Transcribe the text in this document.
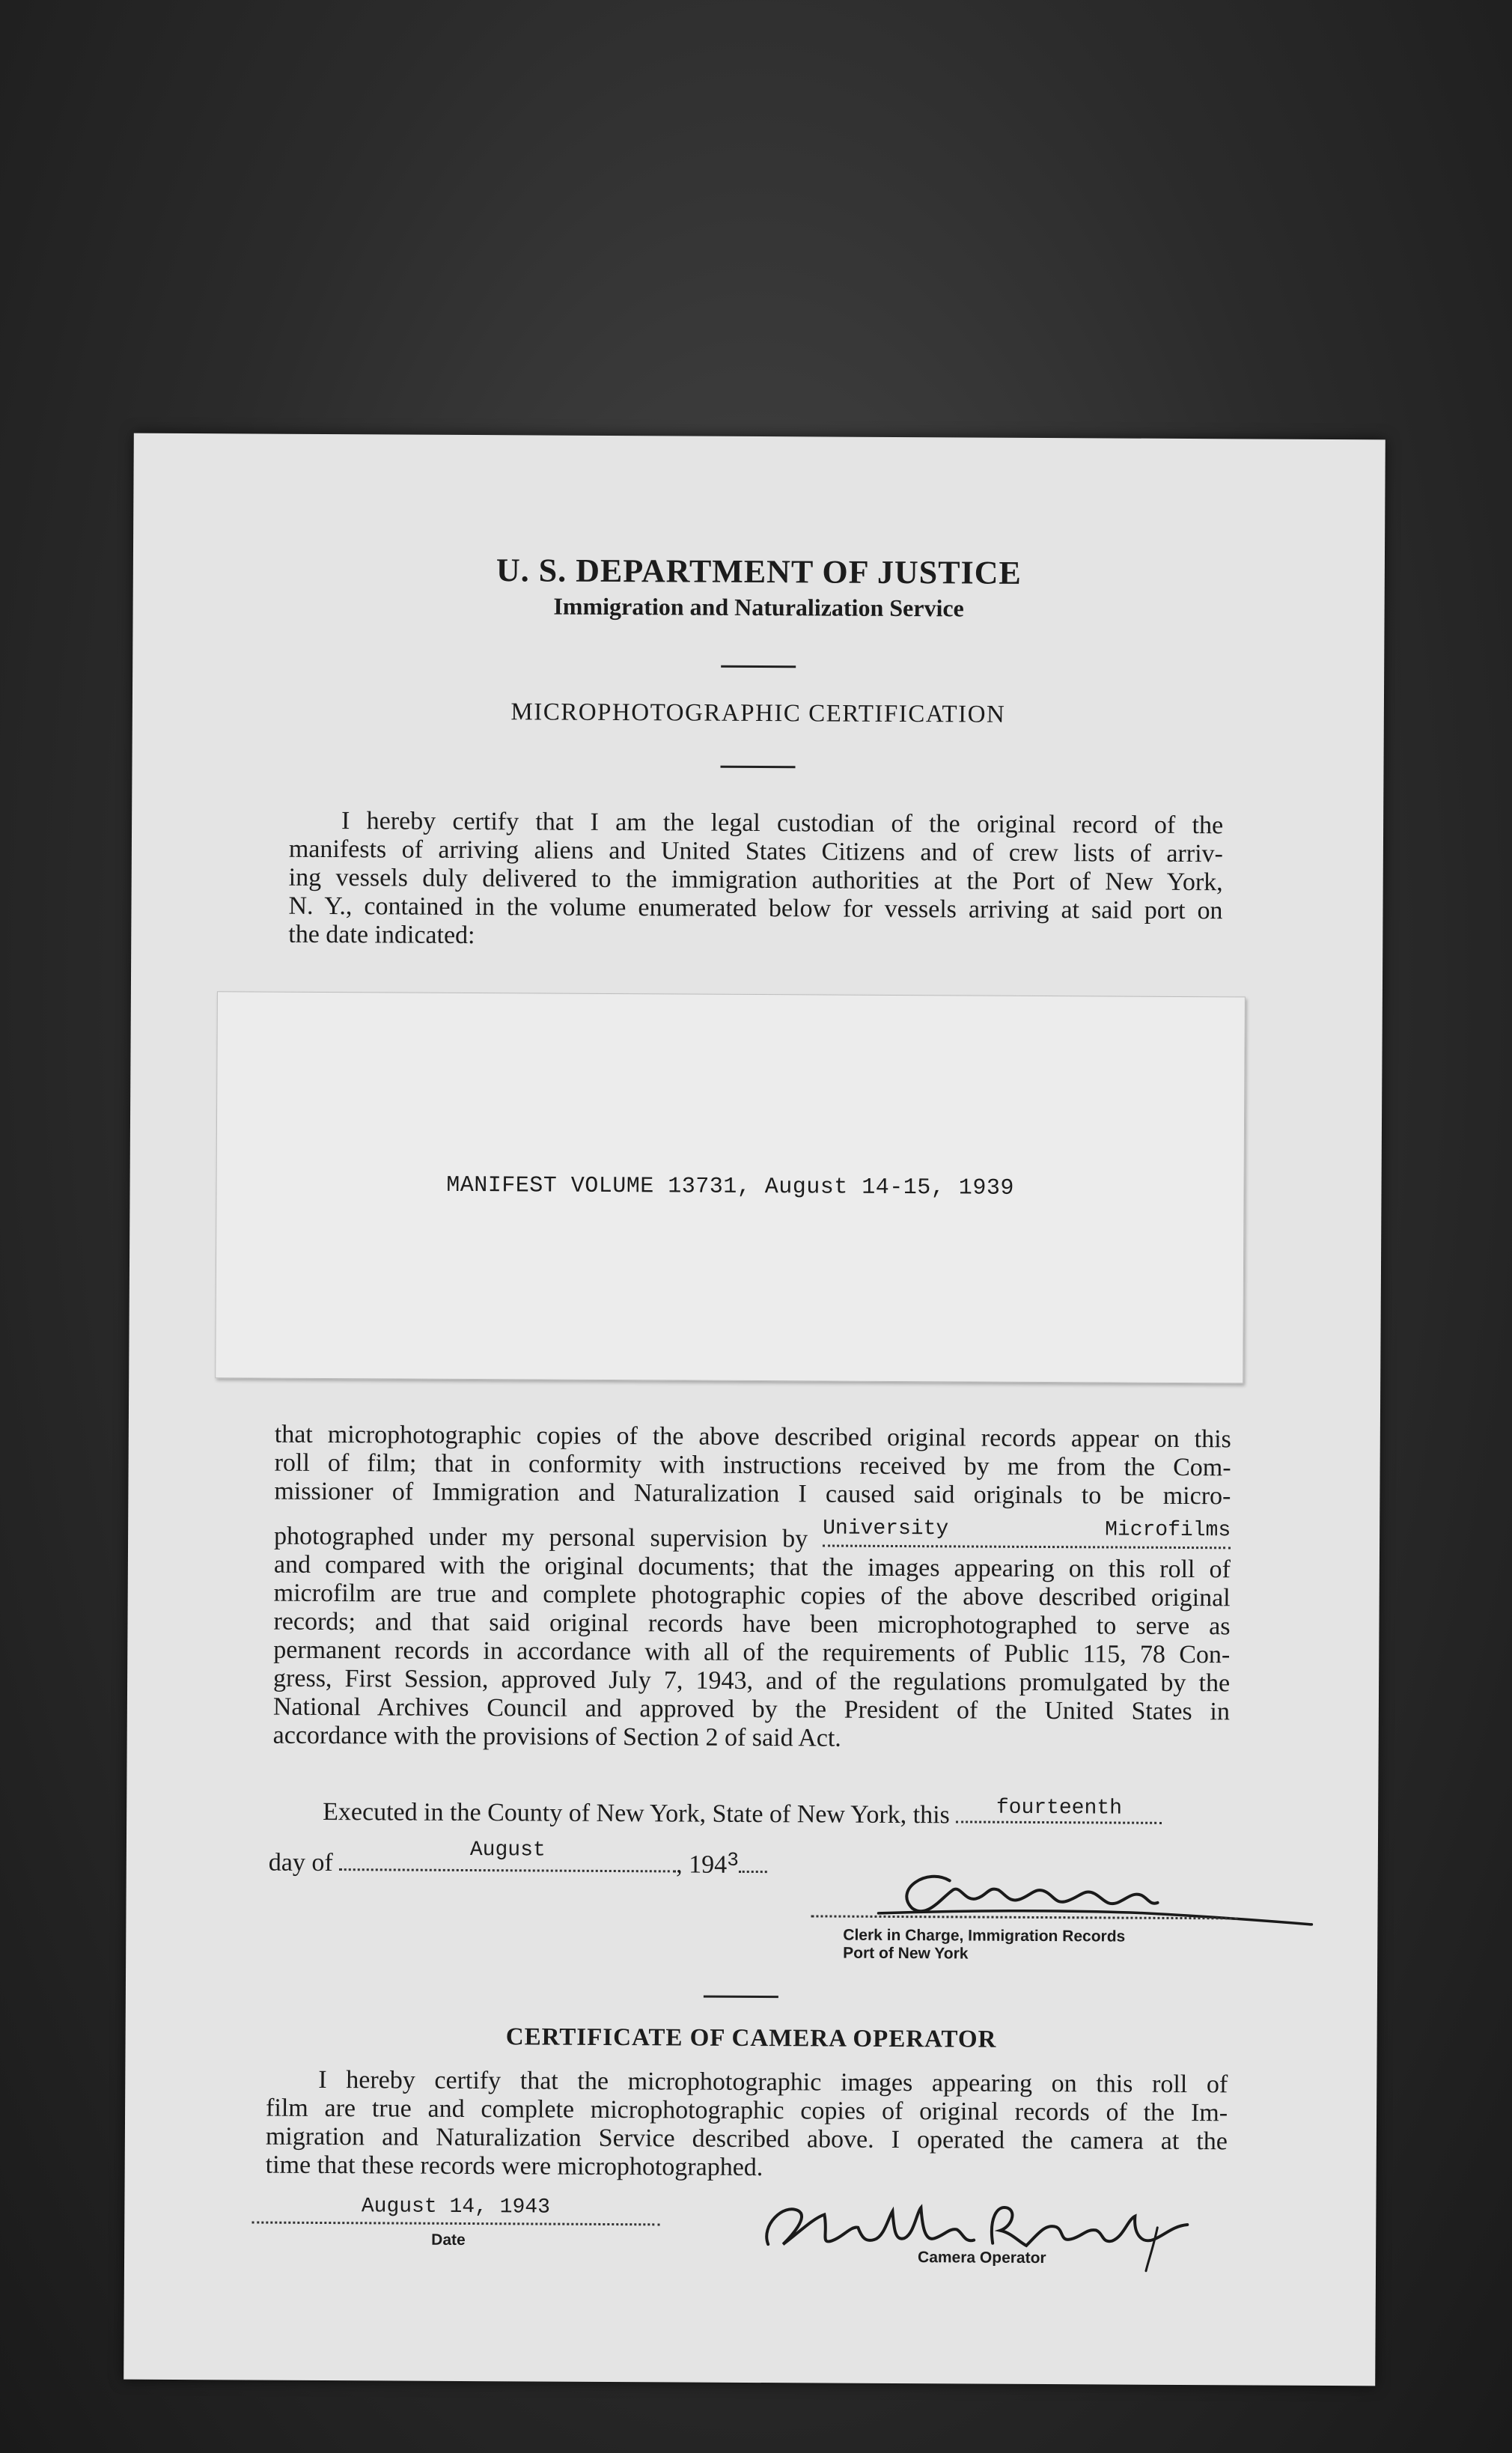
U. S. DEPARTMENT OF JUSTICE
Immigration and Naturalization Service
MICROPHOTOGRAPHIC CERTIFICATION

I hereby certify that I am the legal custodian of the original record of the
manifests of arriving aliens and United States Citizens and of crew lists of arriv-
ing vessels duly delivered to the immigration authorities at the Port of New York,
N. Y., contained in the volume enumerated below for vessels arriving at said port on
the date indicated:

MANIFEST VOLUME 13731, August 14-15, 1939

that microphotographic copies of the above described original records appear on this
roll of film; that in conformity with instructions received by me from the Com-
missioner of Immigration and Naturalization I caused said originals to be micro-
photographed under my personal supervision by University Microfilms
and compared with the original documents; that the images appearing on this roll of
microfilm are true and complete photographic copies of the above described original
records; and that said original records have been microphotographed to serve as
permanent records in accordance with all of the requirements of Public 115, 78 Con-
gress, First Session, approved July 7, 1943, and of the regulations promulgated by the
National Archives Council and approved by the President of the United States in
accordance with the provisions of Section 2 of said Act.

Executed in the County of New York, State of New York, this	fourteenth
day of	August
, $194^3$
Clerk in Charge, Immigration Records
Port of New York
CERTIFICATE OF CAMERA OPERATOR

I hereby certify that the microphotographic images appearing on this roll of
film are true and complete microphotographic copies of original records of the Im-
migration and Naturalization Service described above. I operated the camera at the
time that these records were microphotographed.

August 14, 1943
Date
Camera Operator
